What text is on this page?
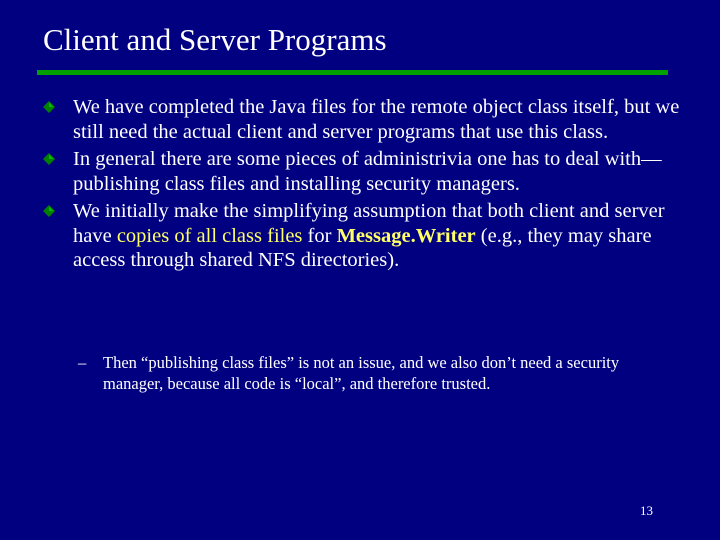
Client and Server Programs
We have completed the Java files for the remote object class itself, but we still need the actual client and server programs that use this class.
In general there are some pieces of administrivia one has to deal with—publishing class files and installing security managers.
We initially make the simplifying assumption that both client and server have copies of all class files for Message.Writer (e.g., they may share access through shared NFS directories).
–	Then “publishing class files” is not an issue, and we also don’t need a security manager, because all code is “local”, and therefore trusted.
13
